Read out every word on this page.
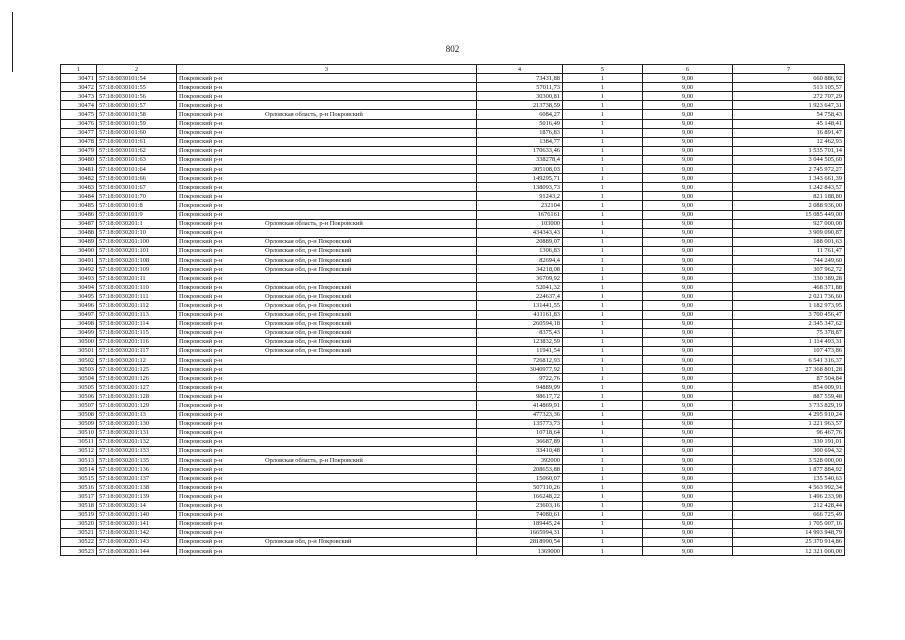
802
1	2	3	4	5	6	7
30471	57:18:0030101:54	Покровский р-н	73431,88	1	9,00	660 886,92
30472	57:18:0030101:55	Покровский р-н	57011,73	1	9,00	513 105,57
30473	57:18:0030101:56	Покровский р-н	30300,81	1	9,00	272 707,29
30474	57:18:0030101:57	Покровский р-н	213738,59	1	9,00	1 923 647,31
30475	57:18:0030101:58	Покровский р-н Орловская область, р-н Покровский	6084,27	1	9,00	54 758,43
30476	57:18:0030101:59	Покровский р-н	5016,49	1	9,00	45 148,41
30477	57:18:0030101:60	Покровский р-н	1876,83	1	9,00	16 891,47
30478	57:18:0030101:61	Покровский р-н	1384,77	1	9,00	12 462,93
30479	57:18:0030101:62	Покровский р-н	170633,46	1	9,00	1 535 701,14
30480	57:18:0030101:63	Покровский р-н	338278,4	1	9,00	3 044 505,60
30481	57:18:0030101:64	Покровский р-н	305108,03	1	9,00	2 745 972,27
30482	57:18:0030101:66	Покровский р-н	149295,71	1	9,00	1 343 661,39
30483	57:18:0030101:67	Покровский р-н	138093,73	1	9,00	1 242 843,57
30484	57:18:0030101:70	Покровский р-н	91243,2	1	9,00	821 188,80
30485	57:18:0030101:8	Покровский р-н	232104	1	9,00	2 088 936,00
30486	57:18:0030101:9	Покровский р-н	1676161	1	9,00	15 085 449,00
30487	57:18:0030201:1	Покровский р-н Орловская область, р-н Покровский	103000	1	9,00	927 000,00
30488	57:18:0030201:10	Покровский р-н	434343,43	1	9,00	3 909 090,87
30489	57:18:0030201:100	Покровский р-н Орловская обл, р-н Покровский	20889,07	1	9,00	188 001,63
30490	57:18:0030201:101	Покровский р-н Орловская обл, р-н Покровский	1306,83	1	9,00	11 761,47
30491	57:18:0030201:108	Покровский р-н Орловская обл, р-н Покровский	82694,4	1	9,00	744 249,60
30492	57:18:0030201:109	Покровский р-н Орловская обл, р-н Покровский	34218,08	1	9,00	307 962,72
30493	57:18:0030201:11	Покровский р-н	36709,92	1	9,00	330 389,28
30494	57:18:0030201:110	Покровский р-н Орловская обл, р-н Покровский	52041,32	1	9,00	468 371,88
30495	57:18:0030201:111	Покровский р-н Орловская обл, р-н Покровский	224637,4	1	9,00	2 021 736,60
30496	57:18:0030201:112	Покровский р-н Орловская обл, р-н Покровский	131441,55	1	9,00	1 182 973,95
30497	57:18:0030201:113	Покровский р-н Орловская обл, р-н Покровский	411161,83	1	9,00	3 700 456,47
30498	57:18:0030201:114	Покровский р-н Орловская обл, р-н Покровский	260594,18	1	9,00	2 345 347,62
30499	57:18:0030201:115	Покровский р-н Орловская обл, р-н Покровский	8375,43	1	9,00	75 378,87
30500	57:18:0030201:116	Покровский р-н Орловская обл, р-н Покровский	123832,59	1	9,00	1 114 493,31
30501	57:18:0030201:117	Покровский р-н Орловская обл, р-н Покровский	11941,54	1	9,00	107 473,86
30502	57:18:0030201:12	Покровский р-н	726812,93	1	9,00	6 541 316,37
30503	57:18:0030201:125	Покровский р-н	3040977,92	1	9,00	27 368 801,28
30504	57:18:0030201:126	Покровский р-н	9722,76	1	9,00	87 504,84
30505	57:18:0030201:127	Покровский р-н	94889,99	1	9,00	854 009,91
30506	57:18:0030201:128	Покровский р-н	98617,72	1	9,00	887 559,48
30507	57:18:0030201:129	Покровский р-н	414869,91	1	9,00	3 733 829,19
30508	57:18:0030201:13	Покровский р-н	477323,36	1	9,00	4 295 910,24
30509	57:18:0030201:130	Покровский р-н	135773,73	1	9,00	1 221 963,57
30510	57:18:0030201:131	Покровский р-н	10718,64	1	9,00	96 467,76
30511	57:18:0030201:132	Покровский р-н	36687,89	1	9,00	330 191,01
30512	57:18:0030201:133	Покровский р-н	33410,48	1	9,00	300 694,32
30513	57:18:0030201:135	Покровский р-н Орловская область, р-н Покровский	392000	1	9,00	3 528 000,00
30514	57:18:0030201:136	Покровский р-н	208653,88	1	9,00	1 877 884,92
30515	57:18:0030201:137	Покровский р-н	15060,07	1	9,00	135 540,63
30516	57:18:0030201:138	Покровский р-н	507110,26	1	9,00	4 563 992,34
30517	57:18:0030201:139	Покровский р-н	166248,22	1	9,00	1 496 233,98
30518	57:18:0030201:14	Покровский р-н	23603,16	1	9,00	212 428,44
30519	57:18:0030201:140	Покровский р-н	74080,61	1	9,00	666 725,49
30520	57:18:0030201:141	Покровский р-н	189445,24	1	9,00	1 705 007,16
30521	57:18:0030201:142	Покровский р-н	1665994,31	1	9,00	14 993 948,79
30522	57:18:0030201:143	Покровский р-н Орловская обл, р-н Покровский	2818990,54	1	9,00	25 370 914,86
30523	57:18:0030201:144	Покровский р-н	1369000	1	9,00	12 321 000,00
